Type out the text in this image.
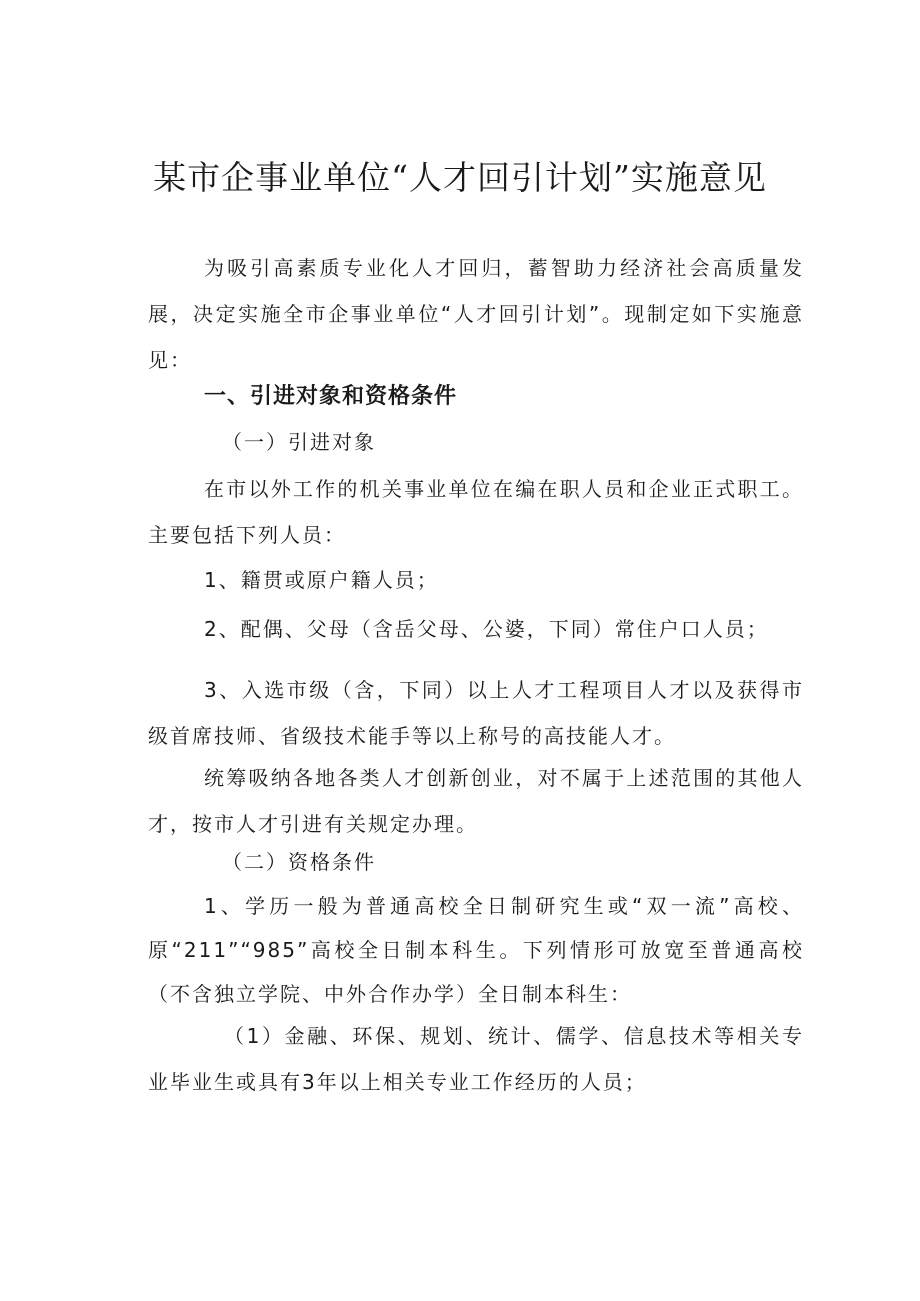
某市企事业单位“人才回引计划”实施意见

为吸引高素质专业化人才回归，蓄智助力经济社会高质量发展，决定实施全市企事业单位“人才回引计划”。现制定如下实施意见：

一、引进对象和资格条件
（一）引进对象

在市以外工作的机关事业单位在编在职人员和企业正式职工。主要包括下列人员：

1、籍贯或原户籍人员；
2、配偶、父母（含岳父母、公婆，下同）常住户口人员；

3、入选市级（含，下同）以上人才工程项目人才以及获得市级首席技师、省级技术能手等以上称号的高技能人才。

统筹吸纳各地各类人才创新创业，对不属于上述范围的其他人才，按市人才引进有关规定办理。

（二）资格条件

1、学历一般为普通高校全日制研究生或“双一流”高校、原“211”“985”高校全日制本科生。下列情形可放宽至普通高校（不含独立学院、中外合作办学）全日制本科生：

（1）金融、环保、规划、统计、儒学、信息技术等相关专业毕业生或具有3年以上相关专业工作经历的人员；
